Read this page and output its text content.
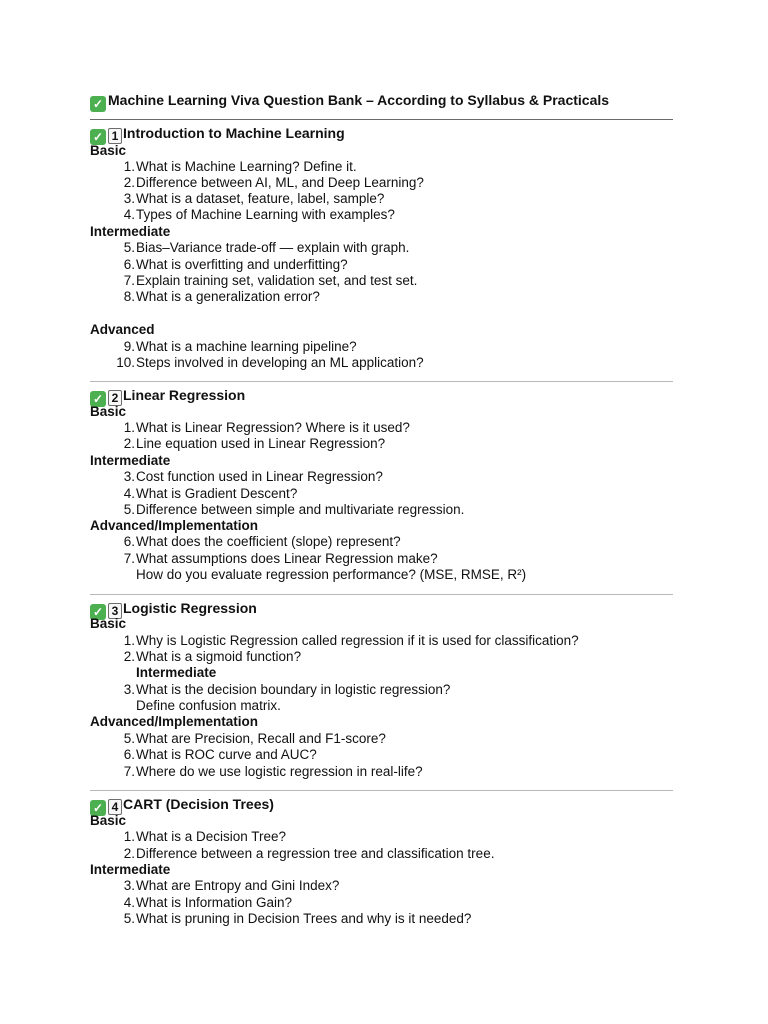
✓ Machine Learning Viva Question Bank – According to Syllabus & Practicals
✓ 1 Introduction to Machine Learning
Basic
1.What is Machine Learning? Define it.
2.Difference between AI, ML, and Deep Learning?
3.What is a dataset, feature, label, sample?
4.Types of Machine Learning with examples?
Intermediate
5.Bias–Variance trade-off — explain with graph.
6.What is overfitting and underfitting?
7.Explain training set, validation set, and test set.
8.What is a generalization error?
Advanced
9.What is a machine learning pipeline?
10.Steps involved in developing an ML application?
✓ 2 Linear Regression
Basic
1.What is Linear Regression? Where is it used?
2.Line equation used in Linear Regression?
Intermediate
3.Cost function used in Linear Regression?
4.What is Gradient Descent?
5.Difference between simple and multivariate regression.
Advanced/Implementation
6.What does the coefficient (slope) represent?
7.What assumptions does Linear Regression make?
How do you evaluate regression performance? (MSE, RMSE, R²)
✓ 3 Logistic Regression
Basic
1.Why is Logistic Regression called regression if it is used for classification?
2.What is a sigmoid function?
Intermediate
3.What is the decision boundary in logistic regression?
Define confusion matrix.
Advanced/Implementation
5.What are Precision, Recall and F1-score?
6.What is ROC curve and AUC?
7.Where do we use logistic regression in real-life?
✓ 4 CART (Decision Trees)
Basic
1.What is a Decision Tree?
2.Difference between a regression tree and classification tree.
Intermediate
3.What are Entropy and Gini Index?
4.What is Information Gain?
5.What is pruning in Decision Trees and why is it needed?
